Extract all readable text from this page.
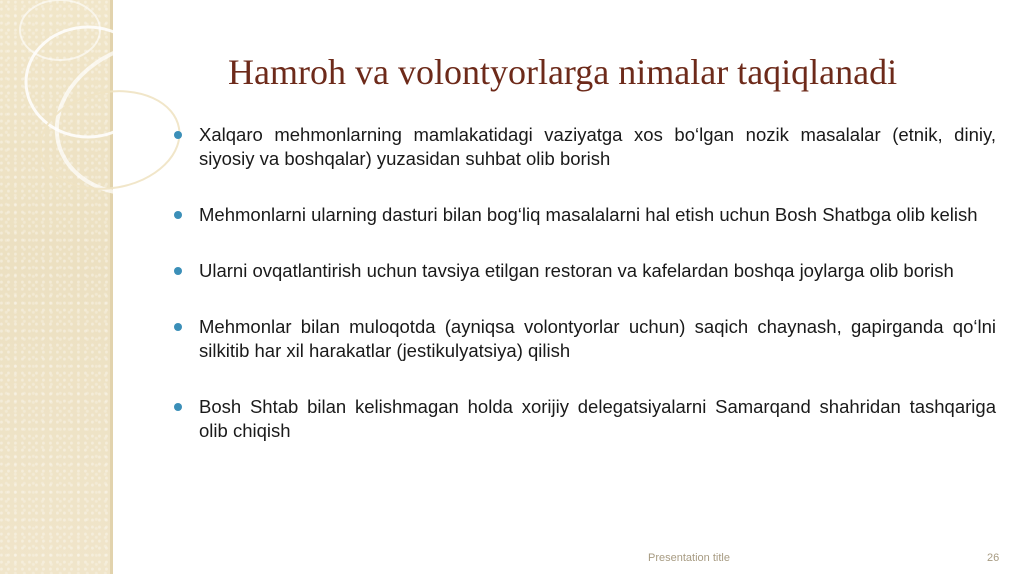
Hamroh va volontyorlarga nimalar taqiqlanadi
Xalqaro mehmonlarning mamlakatidagi vaziyatga xos bo‘lgan nozik masalalar (etnik, diniy, siyosiy va boshqalar) yuzasidan suhbat olib borish
Mehmonlarni ularning dasturi bilan bog‘liq masalalarni hal etish uchun Bosh Shatbga olib kelish
Ularni ovqatlantirish uchun tavsiya etilgan restoran va kafelardan boshqa joylarga olib borish
Mehmonlar bilan muloqotda (ayniqsa volontyorlar uchun) saqich chaynash, gapirganda qo‘lni silkitib har xil harakatlar (jestikulyatsiya) qilish
Bosh Shtab bilan kelishmagan holda xorijiy delegatsiyalarni Samarqand shahridan tashqariga olib chiqish
Presentation title	26
